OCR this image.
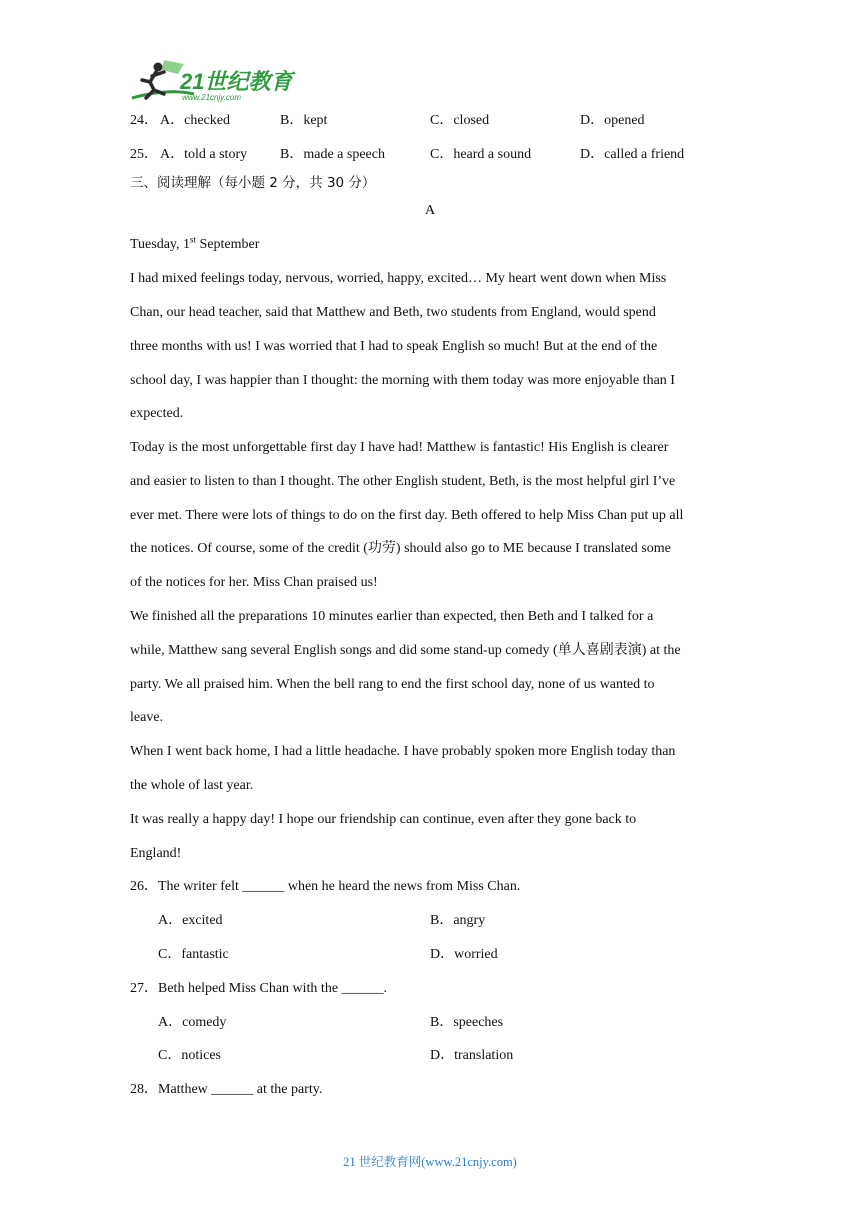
21世纪教育
www.21cnjy.com
24． A．checked	B．kept	C．closed	D．opened
25． A．told a story B．made a speech	C．heard a sound	D．called a friend
三、阅读理解（每小题 2 分，共 30 分）
A
Tuesday, 1st September
I had mixed feelings today, nervous, worried, happy, excited… My heart went down when Miss
Chan, our head teacher, said that Matthew and Beth, two students from England, would spend
three months with us! I was worried that I had to speak English so much! But at the end of the
school day, I was happier than I thought: the morning with them today was more enjoyable than I
expected.
Today is the most unforgettable first day I have had! Matthew is fantastic! His English is clearer
and easier to listen to than I thought. The other English student, Beth, is the most helpful girl I’ve
ever met. There were lots of things to do on the first day. Beth offered to help Miss Chan put up all
the notices. Of course, some of the credit (功劳) should also go to ME because I translated some
of the notices for her. Miss Chan praised us!
We finished all the preparations 10 minutes earlier than expected, then Beth and I talked for a
while, Matthew sang several English songs and did some stand-up comedy (单人喜剧表演) at the
party. We all praised him. When the bell rang to end the first school day, none of us wanted to
leave.
When I went back home, I had a little headache. I have probably spoken more English today than
the whole of last year.
It was really a happy day! I hope our friendship can continue, even after they gone back to
England!
26．The writer felt ______ when he heard the news from Miss Chan.
A．excited	B．angry
C．fantastic	D．worried
27．Beth helped Miss Chan with the ______.
A．comedy	B．speeches
C．notices	D．translation
28．Matthew ______ at the party.
21 世纪教育网(www.21cnjy.com)
